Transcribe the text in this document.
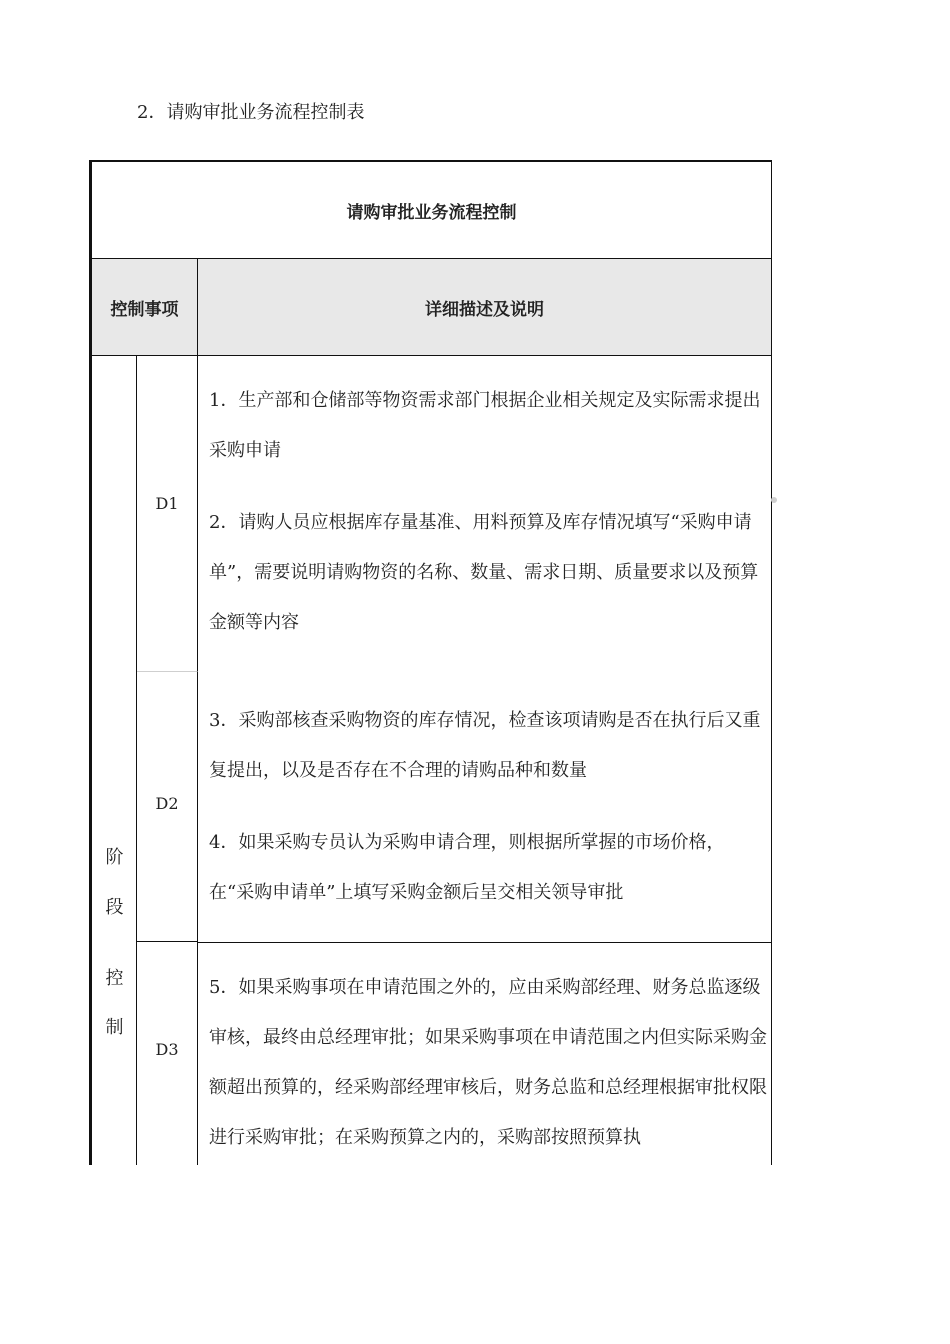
2．请购审批业务流程控制表
请购审批业务流程控制
控制事项	详细描述及说明
阶
段
控
制
D1
D2
D3

1．生产部和仓储部等物资需求部门根据企业相关规定及实际需求提出采购申请

2．请购人员应根据库存量基准、用料预算及库存情况填写“采购申请单”，需要说明请购物资的名称、数量、需求日期、质量要求以及预算金额等内容

3．采购部核查采购物资的库存情况，检查该项请购是否在执行后又重复提出，以及是否存在不合理的请购品种和数量

4．如果采购专员认为采购申请合理，则根据所掌握的市场价格，在“采购申请单”上填写采购金额后呈交相关领导审批

5．如果采购事项在申请范围之外的，应由采购部经理、财务总监逐级审核，最终由总经理审批；如果采购事项在申请范围之内但实际采购金额超出预算的，经采购部经理审核后，财务总监和总经理根据审批权限进行采购审批；在采购预算之内的，采购部按照预算执
